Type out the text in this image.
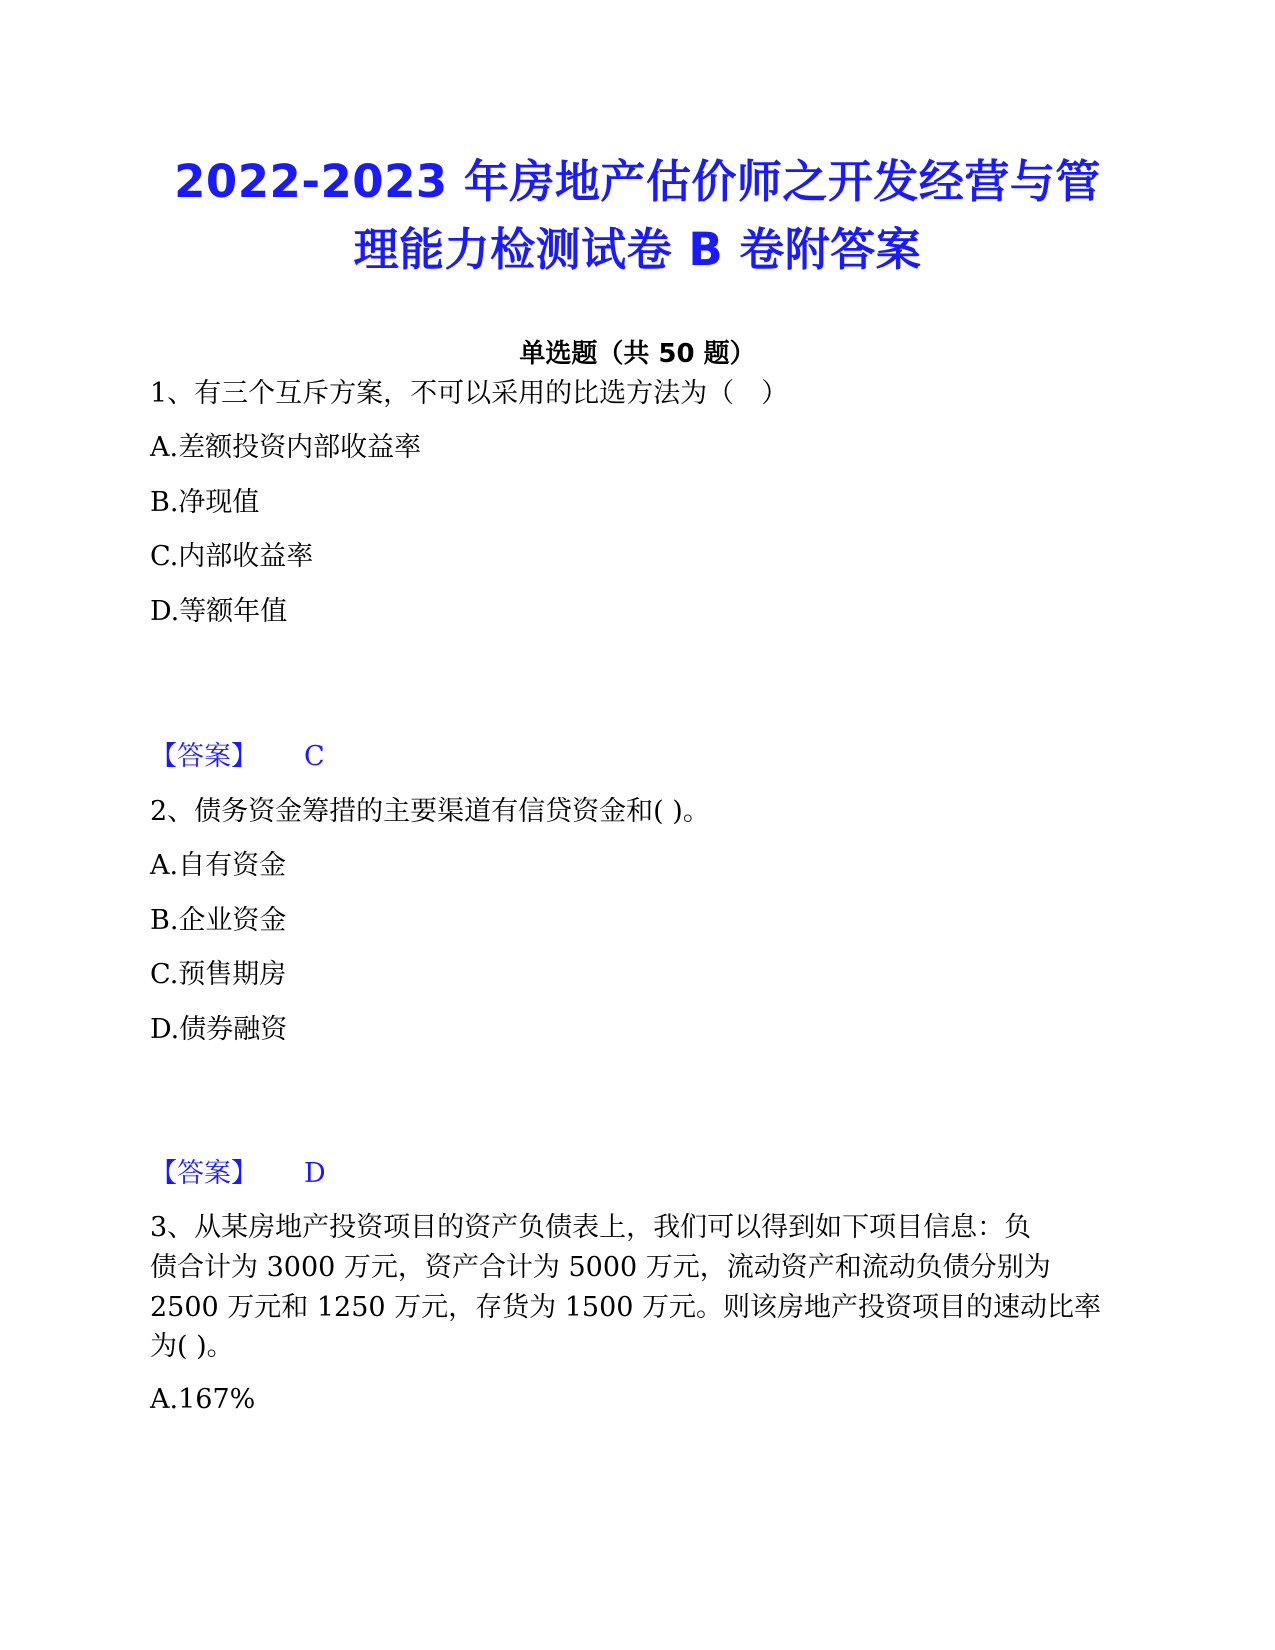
2022-2023 年房地产估价师之开发经营与管
理能力检测试卷 B 卷附答案
单选题（共 50 题）
1、有三个互斥方案，不可以采用的比选方法为（　）
A.差额投资内部收益率
B.净现值
C.内部收益率
D.等额年值
【答案】 C
2、债务资金筹措的主要渠道有信贷资金和( )。
A.自有资金
B.企业资金
C.预售期房
D.债券融资
【答案】 D
3、从某房地产投资项目的资产负债表上，我们可以得到如下项目信息：负
债合计为 3000 万元，资产合计为 5000 万元，流动资产和流动负债分别为
2500 万元和 1250 万元，存货为 1500 万元。则该房地产投资项目的速动比率
为( )。
A.167%
